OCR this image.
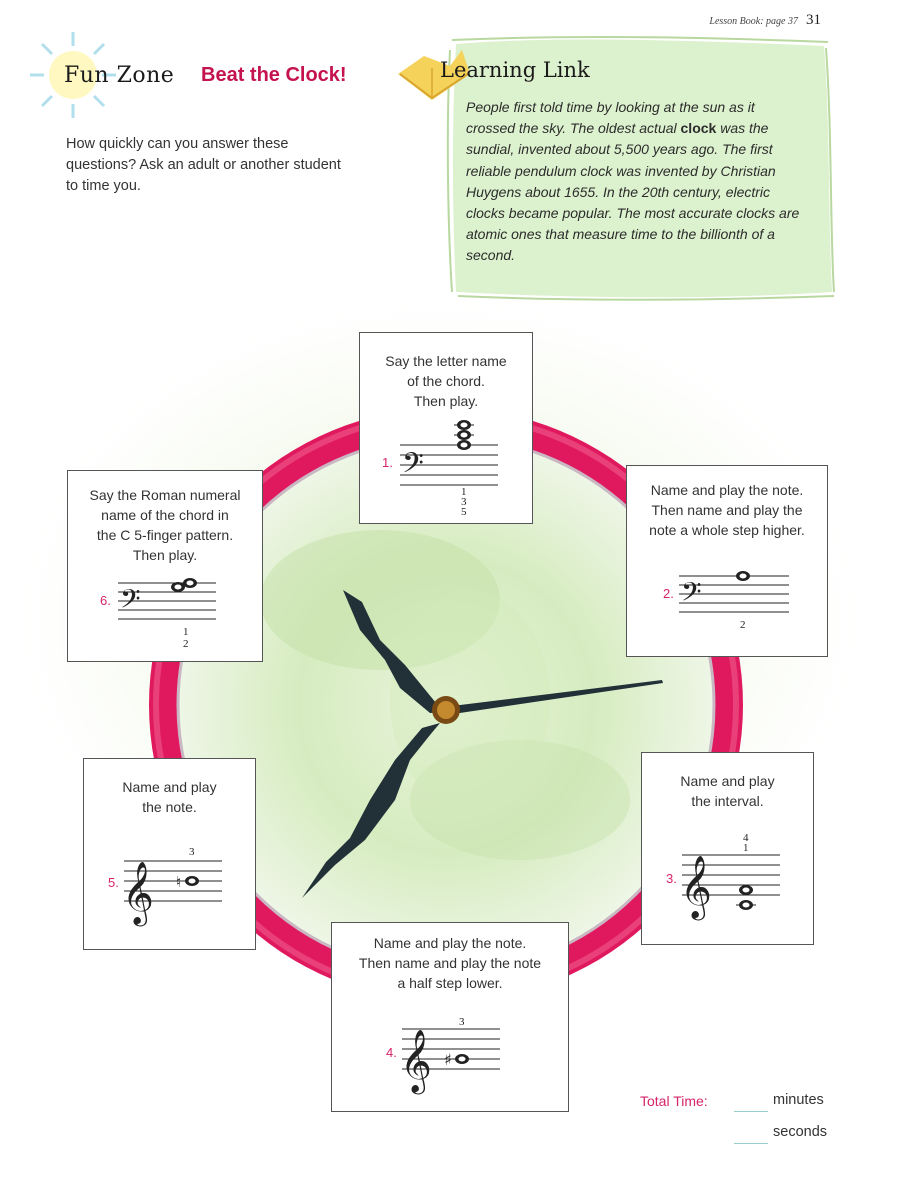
Lesson Book: page 37 31
Fun Zone Beat the Clock!
How quickly can you answer these questions? Ask an adult or another student to time you.
Learning Link
People first told time by looking at the sun as it crossed the sky. The oldest actual clock was the sundial, invented about 5,500 years ago. The first reliable pendulum clock was invented by Christian Huygens about 1655. In the 20th century, electric clocks became popular. The most accurate clocks are atomic ones that measure time to the billionth of a second.
Say the letter name
of the chord.
Then play.
1. 𝄢
1
3
5
Name and play the note.
Then name and play the
note a whole step higher.
2. 𝄢
2
Name and play
the interval.
3. 𝄞
4
1
Name and play the note.
Then name and play the note
a half step lower.
4. 𝄞 ♯
3
Name and play
the note.
5. 𝄞 ♮
3
Say the Roman numeral
name of the chord in
the C 5-finger pattern.
Then play.
6. 𝄢
1
2
Total Time:	minutes
seconds
